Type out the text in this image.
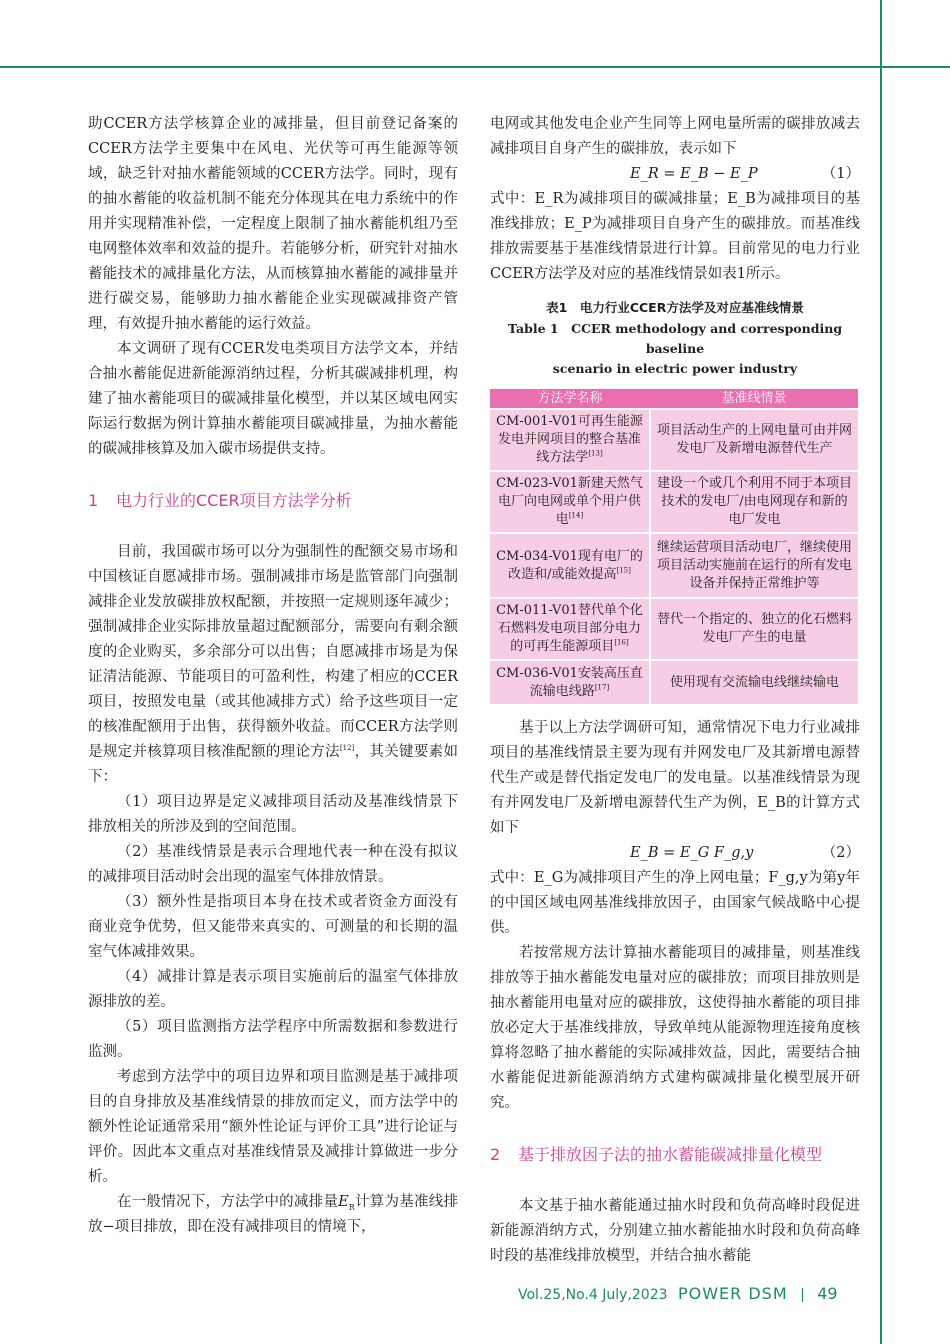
助CCER方法学核算企业的减排量，但目前登记备案的CCER方法学主要集中在风电、光伏等可再生能源等领域，缺乏针对抽水蓄能领域的CCER方法学。同时，现有的抽水蓄能的收益机制不能充分体现其在电力系统中的作用并实现精准补偿，一定程度上限制了抽水蓄能机组乃至电网整体效率和效益的提升。若能够分析，研究针对抽水蓄能技术的减排量化方法，从而核算抽水蓄能的减排量并进行碳交易，能够助力抽水蓄能企业实现碳减排资产管理，有效提升抽水蓄能的运行效益。

本文调研了现有CCER发电类项目方法学文本，并结合抽水蓄能促进新能源消纳过程，分析其碳减排机理，构建了抽水蓄能项目的碳减排量化模型，并以某区域电网实际运行数据为例计算抽水蓄能项目碳减排量，为抽水蓄能的碳减排核算及加入碳市场提供支持。

1 电力行业的CCER项目方法学分析

目前，我国碳市场可以分为强制性的配额交易市场和中国核证自愿减排市场。强制减排市场是监管部门向强制减排企业发放碳排放权配额，并按照一定规则逐年减少；强制减排企业实际排放量超过配额部分，需要向有剩余额度的企业购买，多余部分可以出售；自愿减排市场是为保证清洁能源、节能项目的可盈利性，构建了相应的CCER项目，按照发电量（或其他减排方式）给予这些项目一定的核准配额用于出售，获得额外收益。而CCER方法学则是规定并核算项目核准配额的理论方法[12]，其关键要素如下：

（1）项目边界是定义减排项目活动及基准线情景下排放相关的所涉及到的空间范围。

（2）基准线情景是表示合理地代表一种在没有拟议的减排项目活动时会出现的温室气体排放情景。

（3）额外性是指项目本身在技术或者资金方面没有商业竞争优势，但又能带来真实的、可测量的和长期的温室气体减排效果。

（4）减排计算是表示项目实施前后的温室气体排放源排放的差。

（5）项目监测指方法学程序中所需数据和参数进行监测。

考虑到方法学中的项目边界和项目监测是基于减排项目的自身排放及基准线情景的排放而定义，而方法学中的额外性论证通常采用“额外性论证与评价工具”进行论证与评价。因此本文重点对基准线情景及减排计算做进一步分析。

在一般情况下，方法学中的减排量$E_R$计算为基准线排放−项目排放，即在没有减排项目的情境下，

电网或其他发电企业产生同等上网电量所需的碳排放减去减排项目自身产生的碳排放，表示如下

E_R = E_B − E_P	（1）

式中：E_R为减排项目的碳减排量；E_B为减排项目的基准线排放；E_P为减排项目自身产生的碳排放。而基准线排放需要基于基准线情景进行计算。目前常见的电力行业CCER方法学及对应的基准线情景如表1所示。

表1　电力行业CCER方法学及对应基准线情景
Table 1　CCER methodology and corresponding baseline
scenario in electric power industry
方法学名称	基准线情景
CM-001-V01可再生能源发电并网项目的整合基准线方法学[13]	项目活动生产的上网电量可由并网发电厂及新增电源替代生产
CM-023-V01新建天然气电厂向电网或单个用户供电[14]	建设一个或几个利用不同于本项目技术的发电厂/由电网现存和新的电厂发电
CM-034-V01现有电厂的改造和/或能效提高[15]	继续运营项目活动电厂，继续使用项目活动实施前在运行的所有发电设备并保持正常维护等
CM-011-V01替代单个化石燃料发电项目部分电力的可再生能源项目[16]	替代一个指定的、独立的化石燃料发电厂产生的电量
CM-036-V01安装高压直流输电线路[17]	使用现有交流输电线继续输电

基于以上方法学调研可知，通常情况下电力行业减排项目的基准线情景主要为现有并网发电厂及其新增电源替代生产或是替代指定发电厂的发电量。以基准线情景为现有并网发电厂及新增电源替代生产为例，E_B的计算方式如下

E_B = E_G F_g,y	（2）

式中：E_G为减排项目产生的净上网电量；F_g,y为第y年的中国区域电网基准线排放因子，由国家气候战略中心提供。

若按常规方法计算抽水蓄能项目的减排量，则基准线排放等于抽水蓄能发电量对应的碳排放；而项目排放则是抽水蓄能用电量对应的碳排放，这使得抽水蓄能的项目排放必定大于基准线排放，导致单纯从能源物理连接角度核算将忽略了抽水蓄能的实际减排效益，因此，需要结合抽水蓄能促进新能源消纳方式建构碳减排量化模型展开研究。

2 基于排放因子法的抽水蓄能碳减排量化模型

本文基于抽水蓄能通过抽水时段和负荷高峰时段促进新能源消纳方式，分别建立抽水蓄能抽水时段和负荷高峰时段的基准线排放模型，并结合抽水蓄能

Vol.25,No.4 July,2023 POWER DSM | 49
